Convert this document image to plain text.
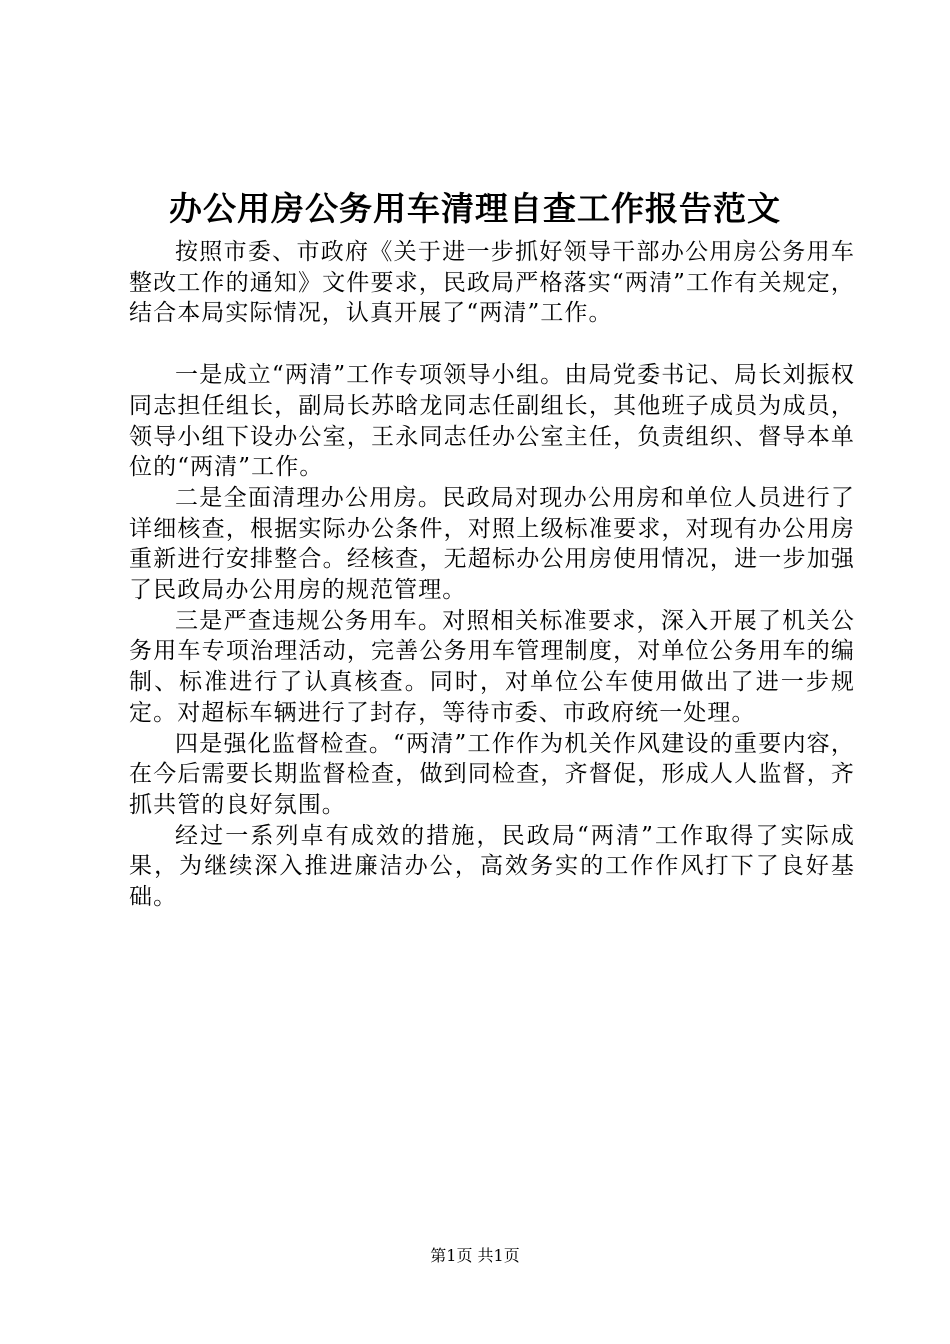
办公用房公务用车清理自查工作报告范文

按照市委、市政府《关于进一步抓好领导干部办公用房公务用车整改工作的通知》文件要求，民政局严格落实“两清”工作有关规定，结合本局实际情况，认真开展了“两清”工作。

一是成立“两清”工作专项领导小组。由局党委书记、局长刘振权同志担任组长，副局长苏晗龙同志任副组长，其他班子成员为成员，领导小组下设办公室，王永同志任办公室主任，负责组织、督导本单位的“两清”工作。

二是全面清理办公用房。民政局对现办公用房和单位人员进行了详细核查，根据实际办公条件，对照上级标准要求，对现有办公用房重新进行安排整合。经核查，无超标办公用房使用情况，进一步加强了民政局办公用房的规范管理。

三是严查违规公务用车。对照相关标准要求，深入开展了机关公务用车专项治理活动，完善公务用车管理制度，对单位公务用车的编制、标准进行了认真核查。同时，对单位公车使用做出了进一步规定。对超标车辆进行了封存，等待市委、市政府统一处理。

四是强化监督检查。“两清”工作作为机关作风建设的重要内容，在今后需要长期监督检查，做到同检查，齐督促，形成人人监督，齐抓共管的良好氛围。

经过一系列卓有成效的措施，民政局“两清”工作取得了实际成果，为继续深入推进廉洁办公，高效务实的工作作风打下了良好基础。

第1页 共1页
